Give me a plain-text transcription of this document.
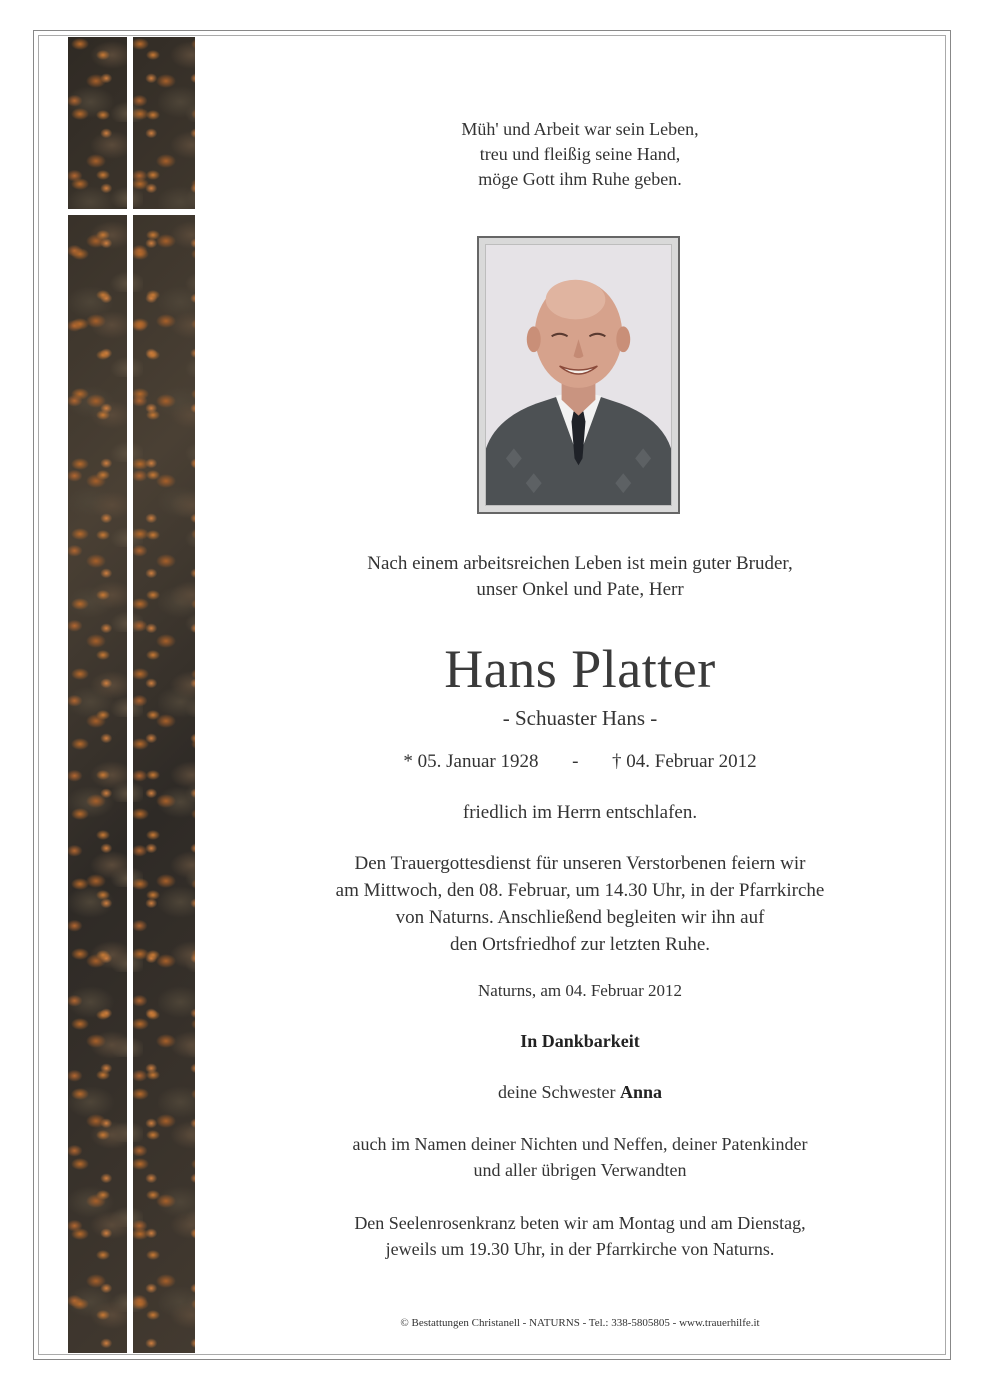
Müh' und Arbeit war sein Leben,
treu und fleißig seine Hand,
möge Gott ihm Ruhe geben.
Nach einem arbeitsreichen Leben ist mein guter Bruder,
unser Onkel und Pate, Herr
Hans Platter
- Schuaster Hans -
* 05. Januar 1928 - † 04. Februar 2012
friedlich im Herrn entschlafen.
Den Trauergottesdienst für unseren Verstorbenen feiern wir
am Mittwoch, den 08. Februar, um 14.30 Uhr, in der Pfarrkirche
von Naturns. Anschließend begleiten wir ihn auf
den Ortsfriedhof zur letzten Ruhe.
Naturns, am 04. Februar 2012
In Dankbarkeit
deine Schwester Anna
auch im Namen deiner Nichten und Neffen, deiner Patenkinder
und aller übrigen Verwandten
Den Seelenrosenkranz beten wir am Montag und am Dienstag,
jeweils um 19.30 Uhr, in der Pfarrkirche von Naturns.
© Bestattungen Christanell - NATURNS - Tel.: 338-5805805 - www.trauerhilfe.it
